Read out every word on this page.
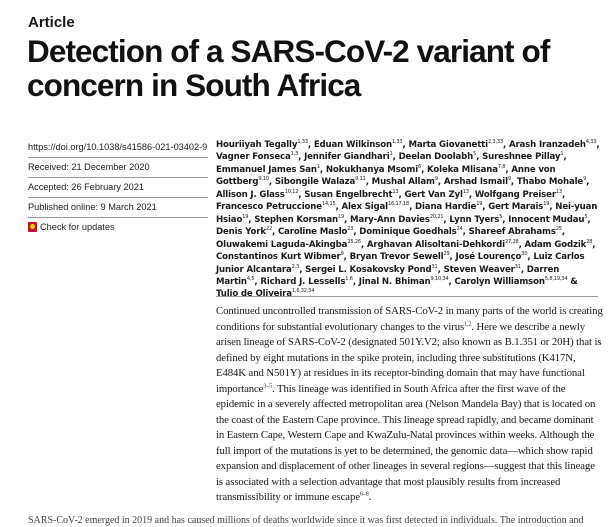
Article
Detection of a SARS-CoV-2 variant of concern in South Africa
https://doi.org/10.1038/s41586-021-03402-9
Received: 21 December 2020
Accepted: 26 February 2021
Published online: 9 March 2021
Check for updates
Houriiyah Tegally$^{1,33}$, Eduan Wilkinson$^{1,33}$, Marta Giovanetti$^{2,3,33}$, Arash Iranzadeh$^{4,33}$, Vagner Fonseca$^{1,3}$, Jennifer Giandhari$^1$, Deelan Doolabh$^5$, Sureshnee Pillay$^1$, Emmanuel James San$^1$, Nokukhanya Msomi$^6$, Koleka Mlisana$^{7,8}$, Anne von Gottberg$^{9,10}$, Sibongile Walaza$^{9,11}$, Mushal Allam$^9$, Arshad Ismail$^9$, Thabo Mohale$^9$, Allison J. Glass$^{10,12}$, Susan Engelbrecht$^{13}$, Gert Van Zyl$^{13}$, Wolfgang Preiser$^{13}$, Francesco Petruccione$^{14,15}$, Alex Sigal$^{16,17,18}$, Diana Hardie$^{19}$, Gert Marais$^{19}$, Nei-yuan Hsiao$^{19}$, Stephen Korsman$^{19}$, Mary-Ann Davies$^{20,21}$, Lynn Tyers$^5$, Innocent Mudau$^5$, Denis York$^{22}$, Caroline Maslo$^{23}$, Dominique Goedhals$^{24}$, Shareef Abrahams$^{25}$, Oluwakemi Laguda-Akingba$^{25,26}$, Arghavan Alisoltani-Dehkordi$^{27,28}$, Adam Godzik$^{28}$, Constantinos Kurt Wibmer$^9$, Bryan Trevor Sewell$^{29}$, José Lourenço$^{30}$, Luiz Carlos Junior Alcantara$^{2,3}$, Sergei L. Kosakovsky Pond$^{31}$, Steven Weaver$^{31}$, Darren Martin$^{4,5}$, Richard J. Lessells$^{1,6}$, Jinal N. Bhiman$^{9,10,34}$, Carolyn Williamson$^{5,8,19,34}$ & Tulio de Oliveira$^{1,6,32,34}$
Continued uncontrolled transmission of SARS-CoV-2 in many parts of the world is creating conditions for substantial evolutionary changes to the virus$^{1,2}$. Here we describe a newly arisen lineage of SARS-CoV-2 (designated 501Y.V2; also known as B.1.351 or 20H) that is defined by eight mutations in the spike protein, including three substitutions (K417N, E484K and N501Y) at residues in its receptor-binding domain that may have functional importance$^{3-5}$. This lineage was identified in South Africa after the first wave of the epidemic in a severely affected metropolitan area (Nelson Mandela Bay) that is located on the coast of the Eastern Cape province. This lineage spread rapidly, and became dominant in Eastern Cape, Western Cape and KwaZulu-Natal provinces within weeks. Although the full import of the mutations is yet to be determined, the genomic data—which show rapid expansion and displacement of other lineages in several regions—suggest that this lineage is associated with a selection advantage that most plausibly results from increased transmissibility or immune escape$^{6-8}$.
SARS-CoV-2 emerged in 2019 and has caused millions of deaths worldwide since it was first detected in individuals. The introduction and
